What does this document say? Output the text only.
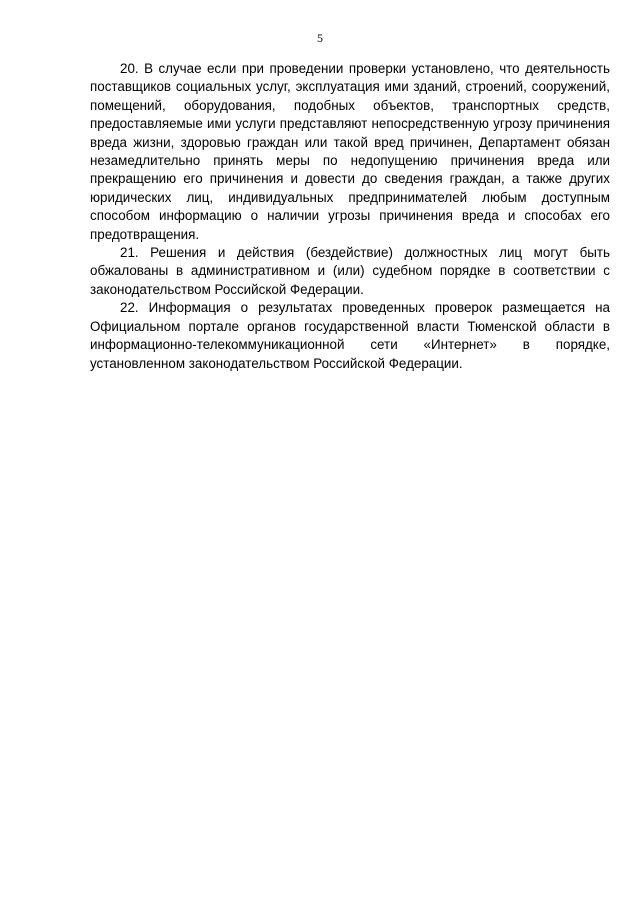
5

20. В случае если при проведении проверки установлено, что деятельность поставщиков социальных услуг, эксплуатация ими зданий, строений, сооружений, помещений, оборудования, подобных объектов, транспортных средств, предоставляемые ими услуги представляют непосредственную угрозу причинения вреда жизни, здоровью граждан или такой вред причинен, Департамент обязан незамедлительно принять меры по недопущению причинения вреда или прекращению его причинения и довести до сведения граждан, а также других юридических лиц, индивидуальных предпринимателей любым доступным способом информацию о наличии угрозы причинения вреда и способах его предотвращения.

21. Решения и действия (бездействие) должностных лиц могут быть обжалованы в административном и (или) судебном порядке в соответствии с законодательством Российской Федерации.

22. Информация о результатах проведенных проверок размещается на Официальном портале органов государственной власти Тюменской области в информационно-телекоммуникационной сети «Интернет» в порядке, установленном законодательством Российской Федерации.
